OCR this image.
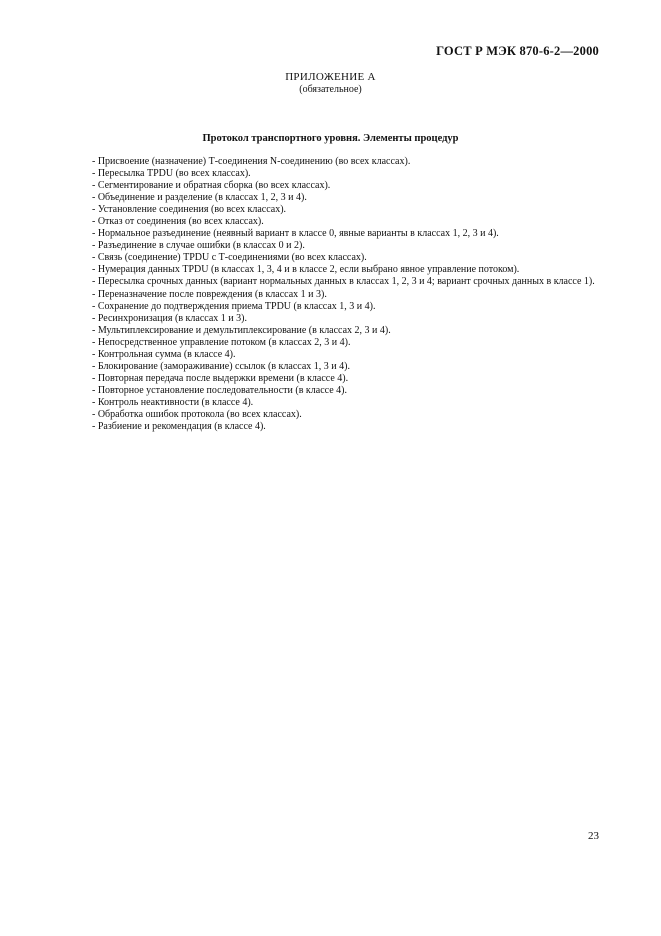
ГОСТ Р МЭК 870-6-2—2000
ПРИЛОЖЕНИЕ А
(обязательное)
Протокол транспортного уровня. Элементы процедур
- Присвоение (назначение) Т-соединения N-соединению (во всех классах).
- Пересылка TPDU (во всех классах).
- Сегментирование и обратная сборка (во всех классах).
- Объединение и разделение (в классах 1, 2, 3 и 4).
- Установление соединения (во всех классах).
- Отказ от соединения (во всех классах).
- Нормальное разъединение (неявный вариант в классе 0, явные варианты в классах 1, 2, 3 и 4).
- Разъединение в случае ошибки (в классах 0 и 2).
- Связь (соединение) TPDU с Т-соединениями (во всех классах).
- Нумерация данных TPDU (в классах 1, 3, 4 и в классе 2, если выбрано явное управление потоком).
- Пересылка срочных данных (вариант нормальных данных в классах 1, 2, 3 и 4; вариант срочных данных в классе 1).
- Переназначение после повреждения (в классах 1 и 3).
- Сохранение до подтверждения приема TPDU (в классах 1, 3 и 4).
- Ресинхронизация (в классах 1 и 3).
- Мультиплексирование и демультиплексирование (в классах 2, 3 и 4).
- Непосредственное управление потоком (в классах 2, 3 и 4).
- Контрольная сумма (в классе 4).
- Блокирование (замораживание) ссылок (в классах 1, 3 и 4).
- Повторная передача после выдержки времени (в классе 4).
- Повторное установление последовательности (в классе 4).
- Контроль неактивности (в классе 4).
- Обработка ошибок протокола (во всех классах).
- Разбиение и рекомендация (в классе 4).
23
